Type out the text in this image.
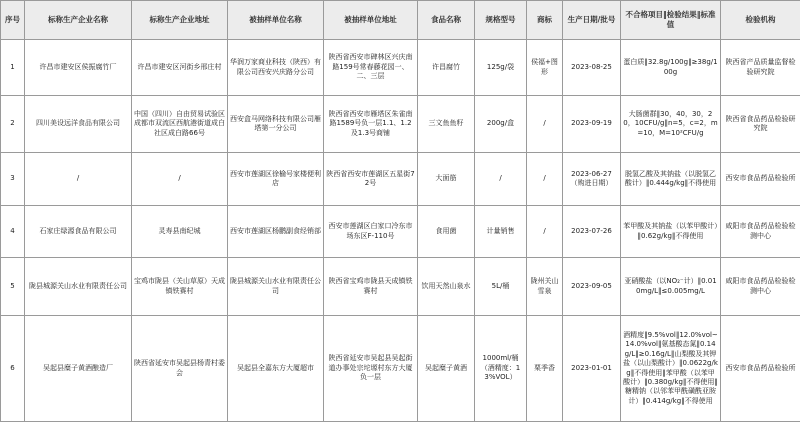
序号	标称生产企业名称	标称生产企业地址	被抽样单位名称	被抽样单位地址	食品名称	规格型号	商标	生产日期/批号	不合格项目‖检验结果‖标准值	检验机构
1	许昌市建安区侯振腐竹厂	许昌市建安区河街乡邢庄村	华润万家商业科技（陕西）有限公司西安兴庆路分公司	陕西省西安市碑林区兴庆南路159号常春藤花园一、二、三层	许昌腐竹	125g/袋	侯福+图形	2023-08-25	蛋白质‖32.8g/100g‖≥38g/100g	陕西省产品质量监督检验研究院
2	四川美设远洋食品有限公司	中国（四川）自由贸易试验区成都市双流区西航港街道成白社区成白路66号	西安盒马网络科技有限公司雁塔第一分公司	陕西省西安市雁塔区朱雀南路1589号负一层1.1、1.2及1.3号商铺	三文鱼鱼籽	200g/盒	/	2023-09-19	大肠菌群‖30，40，30，20，10CFU/g‖n=5，c=2，m=10，M=10²CFU/g	陕西省食品药品检验研究院
3	/	/	西安市莲湖区徐榆号家楼便利店	陕西省西安市莲湖区五星街72号	大面筋	/	/	2023-06-27（购进日期）	脱氢乙酸及其钠盐（以脱氢乙酸计）‖0.444g/kg‖不得使用	西安市食品药品检验所
4	石家庄绿源食品有限公司	灵寿县南纪城	西安市莲湖区杨鹏副食经销部	西安市莲湖区白家口冷东市场东区F-110号	食用菌	计量销售	/	2023-07-26	苯甲酸及其钠盐（以苯甲酸计）‖0.62g/kg‖不得使用	咸阳市食品药品检验检测中心
5	陇县城源关山水业有限责任公司	宝鸡市陇县（关山草原）天成镇铁赛村	陇县城源关山水业有限责任公司	陕西省宝鸡市陇县天成镇铁赛村	饮用天然山泉水	5L/桶	陇州关山雪泉	2023-09-05	亚硝酸盐（以NO₂⁻计）‖0.010mg/L‖≤0.005mg/L	咸阳市食品药品检验检测中心
6	吴起县糜子黄酒酿造厂	陕西省延安市吴起县杨青村委会	吴起县全嘉东方大厦超市	陕西省延安市吴起县吴起街道办事处宗坨塬村东方大厦负一层	吴起糜子黄酒	1000ml/桶（酒精度：13%VOL）	栗季香	2023-01-01	酒精度‖9.5%vol‖12.0%vol~14.0%vol‖氨基酸态氮‖0.14g/L‖≥0.16g/L‖山梨酸及其钾盐（以山梨酸计）‖0.0622g/kg‖不得使用‖苯甲酸（以苯甲酸计）‖0.380g/kg‖不得使用‖糖精钠（以邻苯甲酰磺酰亚胺计）‖0.414g/kg‖不得使用	西安市食品药品检验所
